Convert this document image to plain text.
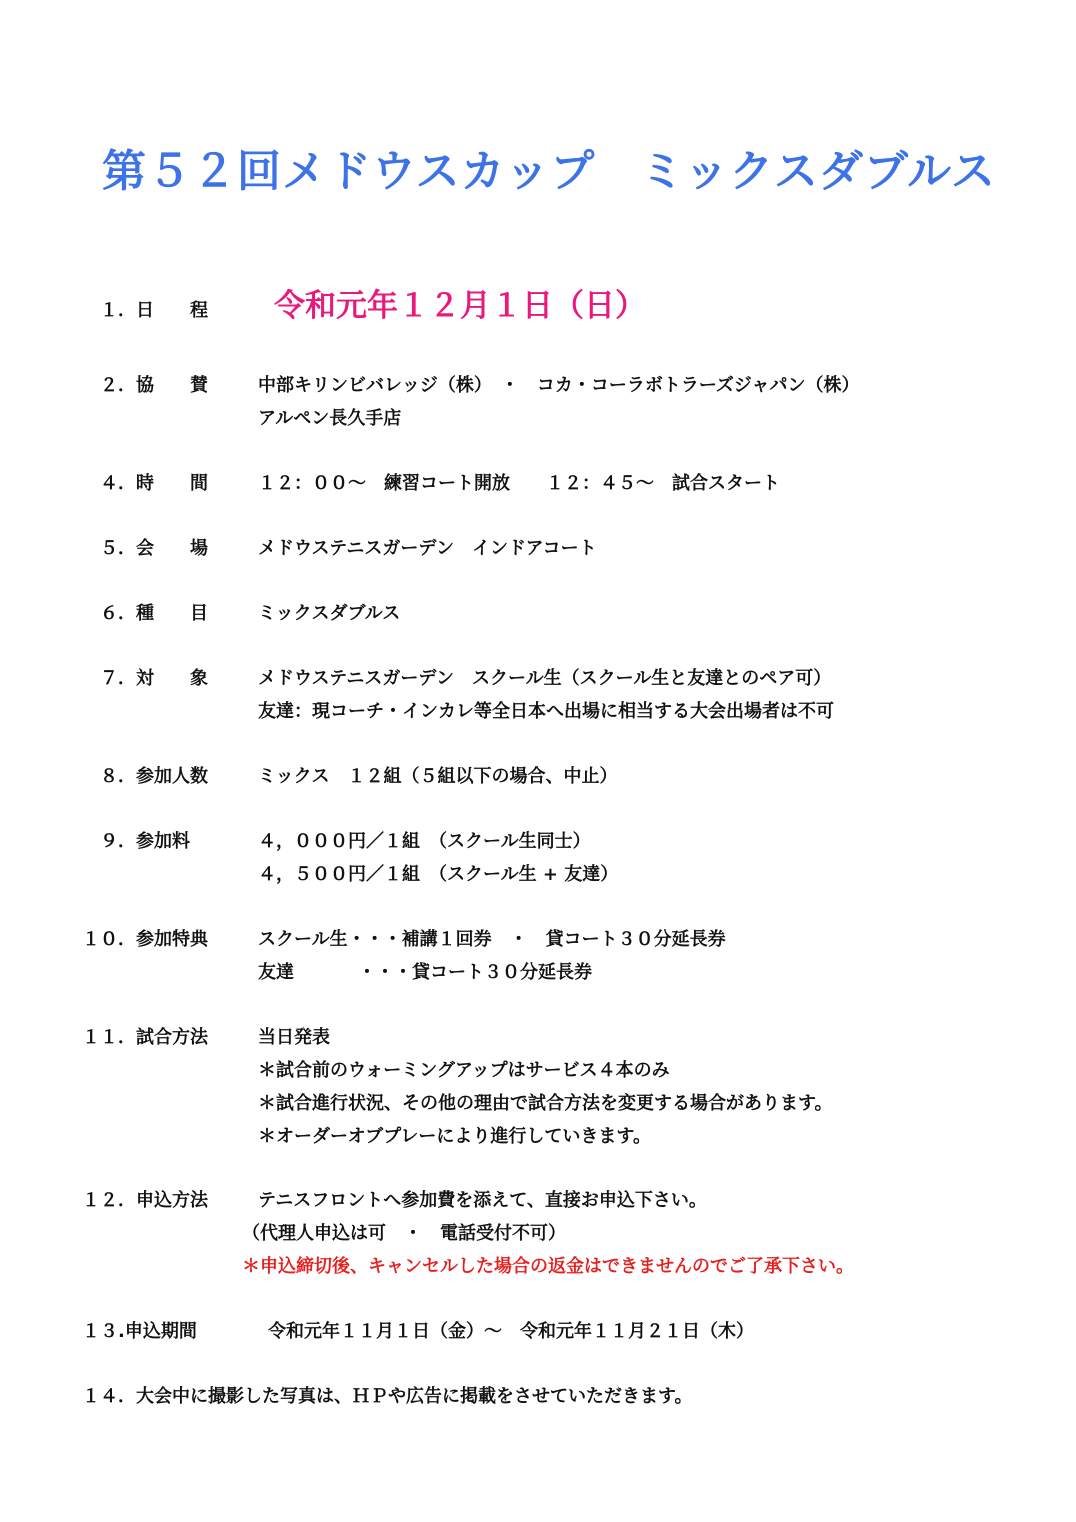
第５２回メドウスカップ　ミックスダブルス
１．日　　程 令和元年１２月１日（日）
２．協　　賛	中部キリンビバレッジ（株）　・　コカ・コーラボトラーズジャパン（株）
アルペン長久手店
４．時　　間	１２：００～　練習コート開放　　１２：４５～　試合スタート
５．会　　場	メドウステニスガーデン　インドアコート
６．種　　目	ミックスダブルス
７．対　　象	メドウステニスガーデン　スクール生（スクール生と友達とのペア可）
友達：現コーチ・インカレ等全日本へ出場に相当する大会出場者は不可
８．参加人数	ミックス　１２組（５組以下の場合、中止）
９．参加料	４，０００円／１組　（スクール生同士）
４，５００円／１組　（スクール生 + 友達）
１０．参加特典	スクール生・・・補講１回券　・　貸コート３０分延長券
友達	・・・貸コート３０分延長券
１１．試合方法	当日発表
＊試合前のウォーミングアップはサービス４本のみ
＊試合進行状況、その他の理由で試合方法を変更する場合があります。
＊オーダーオブプレーにより進行していきます。
１２．申込方法	テニスフロントへ参加費を添えて、直接お申込下さい。
（代理人申込は可　・　電話受付不可）
＊申込締切後、キャンセルした場合の返金はできませんのでご了承下さい。
１３.申込期間	令和元年１１月１日（金）～　令和元年１１月２１日（木）
１４．大会中に撮影した写真は、ＨＰや広告に掲載をさせていただきます。
